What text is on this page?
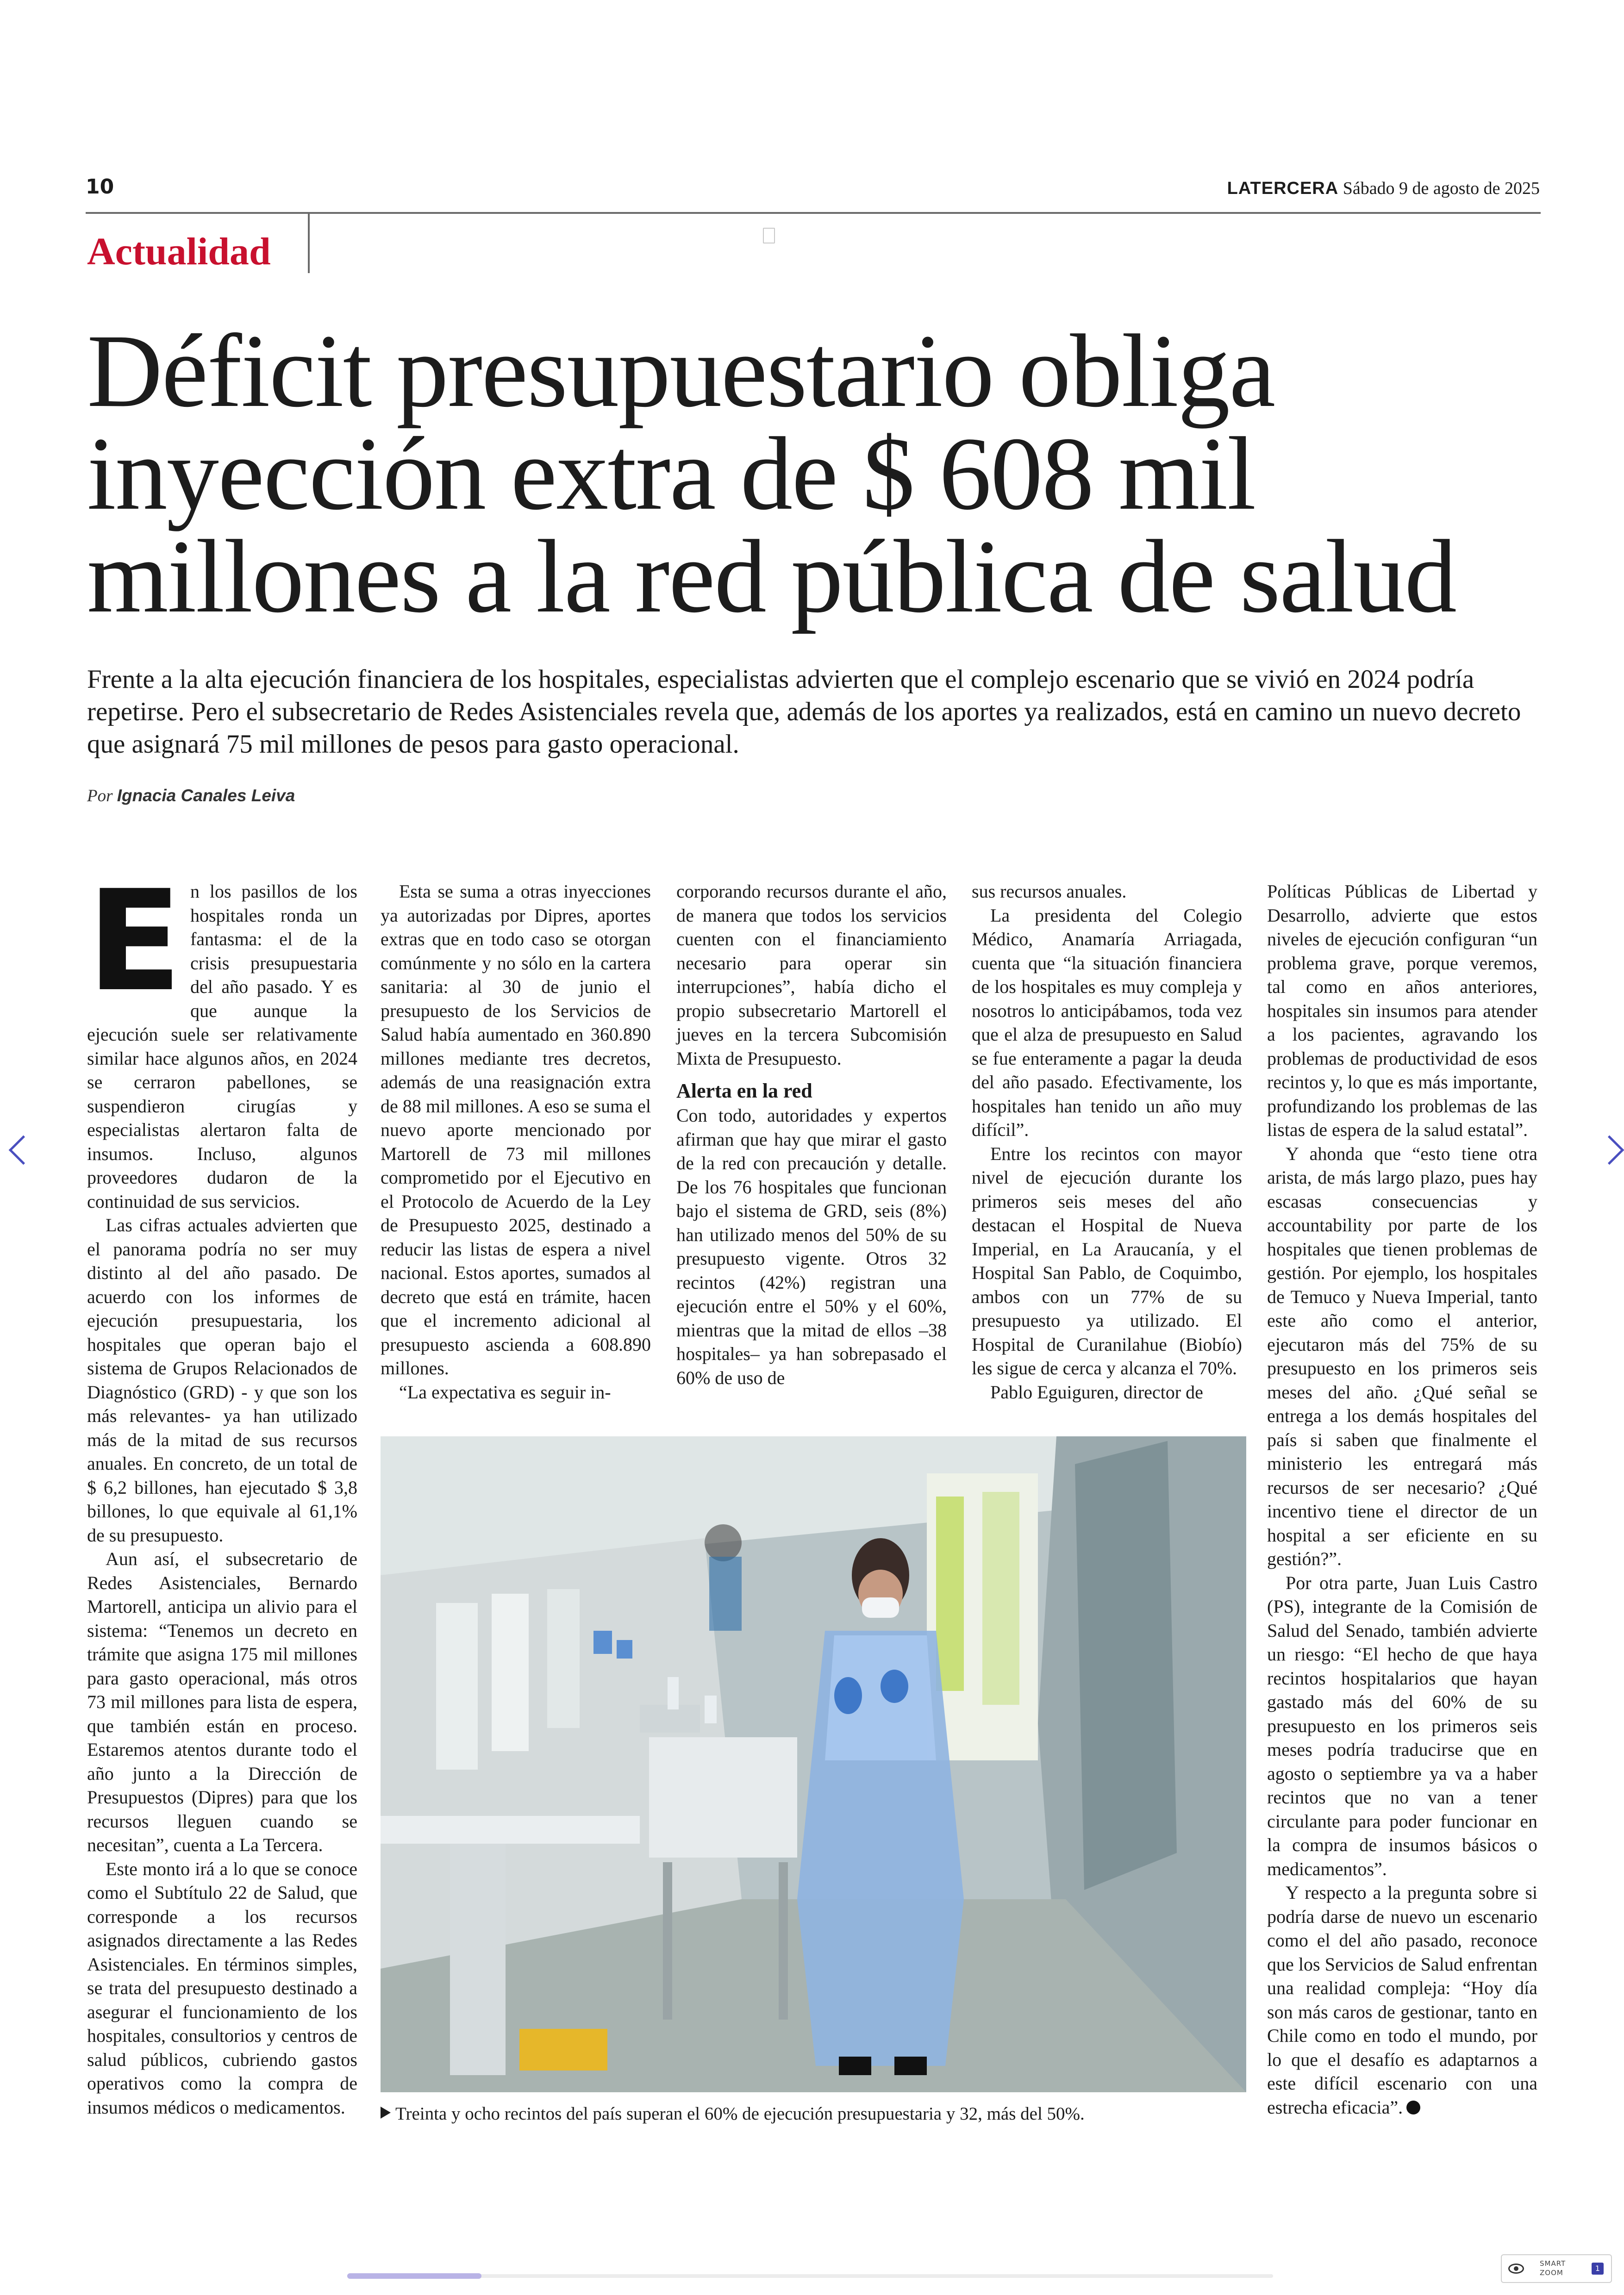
10	LATERCERA Sábado 9 de agosto de 2025
Actualidad
Déficit presupuestario obliga inyección extra de $ 608 mil millones a la red pública de salud
Frente a la alta ejecución financiera de los hospitales, especialistas advierten que el complejo escenario que se vivió en 2024 podría repetirse. Pero el subsecretario de Redes Asistenciales revela que, además de los aportes ya realizados, está en camino un nuevo decreto que asignará 75 mil millones de pesos para gasto operacional.
Por Ignacia Canales Leiva
E n los pasillos de los hospitales ronda un fantasma: el de la crisis presupuestaria del año pasado. Y es que aunque la ejecución suele ser relativamente similar hace algunos años, en 2024 se cerraron pabellones, se suspendieron cirugías y especialistas alertaron falta de insumos. Incluso, algunos proveedores dudaron de la continuidad de sus servicios.

Las cifras actuales advierten que el panorama podría no ser muy distinto al del año pasado. De acuerdo con los informes de ejecución presupuestaria, los hospitales que operan bajo el sistema de Grupos Relacionados de Diagnóstico (GRD) - y que son los más relevantes- ya han utilizado más de la mitad de sus recursos anuales. En concreto, de un total de $ 6,2 billones, han ejecutado $ 3,8 billones, lo que equivale al 61,1% de su presupuesto.

Aun así, el subsecretario de Redes Asistenciales, Bernardo Martorell, anticipa un alivio para el sistema: “Tenemos un decreto en trámite que asigna 175 mil millones para gasto operacional, más otros 73 mil millones para lista de espera, que también están en proceso. Estaremos atentos durante todo el año junto a la Dirección de Presupuestos (Dipres) para que los recursos lleguen cuando se necesitan”, cuenta a La Tercera.

Este monto irá a lo que se conoce como el Subtítulo 22 de Salud, que corresponde a los recursos asignados directamente a las Redes Asistenciales. En términos simples, se trata del presupuesto destinado a asegurar el funcionamiento de los hospitales, consultorios y centros de salud públicos, cubriendo gastos operativos como la compra de insumos médicos o medicamentos.

Esta se suma a otras inyecciones ya autorizadas por Dipres, aportes extras que en todo caso se otorgan comúnmente y no sólo en la cartera sanitaria: al 30 de junio el presupuesto de los Servicios de Salud había aumentado en 360.890 millones mediante tres decretos, además de una reasignación extra de 88 mil millones. A eso se suma el nuevo aporte mencionado por Martorell de 73 mil millones comprometido por el Ejecutivo en el Protocolo de Acuerdo de la Ley de Presupuesto 2025, destinado a reducir las listas de espera a nivel nacional. Estos aportes, sumados al decreto que está en trámite, hacen que el incremento adicional al presupuesto ascienda a 608.890 millones.

“La expectativa es seguir in-

corporando recursos durante el año, de manera que todos los servicios cuenten con el financiamiento necesario para operar sin interrupciones”, había dicho el propio subsecretario Martorell el jueves en la tercera Subcomisión Mixta de Presupuesto.

Alerta en la red

Con todo, autoridades y expertos afirman que hay que mirar el gasto de la red con precaución y detalle. De los 76 hospitales que funcionan bajo el sistema de GRD, seis (8%) han utilizado menos del 50% de su presupuesto vigente. Otros 32 recintos (42%) registran una ejecución entre el 50% y el 60%, mientras que la mitad de ellos –38 hospitales– ya han sobrepasado el 60% de uso de

sus recursos anuales.

La presidenta del Colegio Médico, Anamaría Arriagada, cuenta que “la situación financiera de los hospitales es muy compleja y nosotros lo anticipábamos, toda vez que el alza de presupuesto en Salud se fue enteramente a pagar la deuda del año pasado. Efectivamente, los hospitales han tenido un año muy difícil”.

Entre los recintos con mayor nivel de ejecución durante los primeros seis meses del año destacan el Hospital de Nueva Imperial, en La Araucanía, y el Hospital San Pablo, de Coquimbo, ambos con un 77% de su presupuesto ya utilizado. El Hospital de Curanilahue (Biobío) les sigue de cerca y alcanza el 70%.

Pablo Eguiguren, director de

Políticas Públicas de Libertad y Desarrollo, advierte que estos niveles de ejecución configuran “un problema grave, porque veremos, tal como en años anteriores, hospitales sin insumos para atender a los pacientes, agravando los problemas de productividad de esos recintos y, lo que es más importante, profundizando los problemas de las listas de espera de la salud estatal”.

Y ahonda que “esto tiene otra arista, de más largo plazo, pues hay escasas consecuencias y accountability por parte de los hospitales que tienen problemas de gestión. Por ejemplo, los hospitales de Temuco y Nueva Imperial, tanto este año como el anterior, ejecutaron más del 75% de su presupuesto en los primeros seis meses del año. ¿Qué señal se entrega a los demás hospitales del país si saben que finalmente el ministerio les entregará más recursos de ser necesario? ¿Qué incentivo tiene el director de un hospital a ser eficiente en su gestión?”.

Por otra parte, Juan Luis Castro (PS), integrante de la Comisión de Salud del Senado, también advierte un riesgo: “El hecho de que haya recintos hospitalarios que hayan gastado más del 60% de su presupuesto en los primeros seis meses podría traducirse que en agosto o septiembre ya va a haber recintos que no van a tener circulante para poder funcionar en la compra de insumos básicos o medicamentos”.

Y respecto a la pregunta sobre si podría darse de nuevo un escenario como el del año pasado, reconoce que los Servicios de Salud enfrentan una realidad compleja: “Hoy día son más caros de gestionar, tanto en Chile como en todo el mundo, por lo que el desafío es adaptarnos a este difícil escenario con una estrecha eficacia”.

Treinta y ocho recintos del país superan el 60% de ejecución presupuestaria y 32, más del 50%.
SMART
ZOOM	1
